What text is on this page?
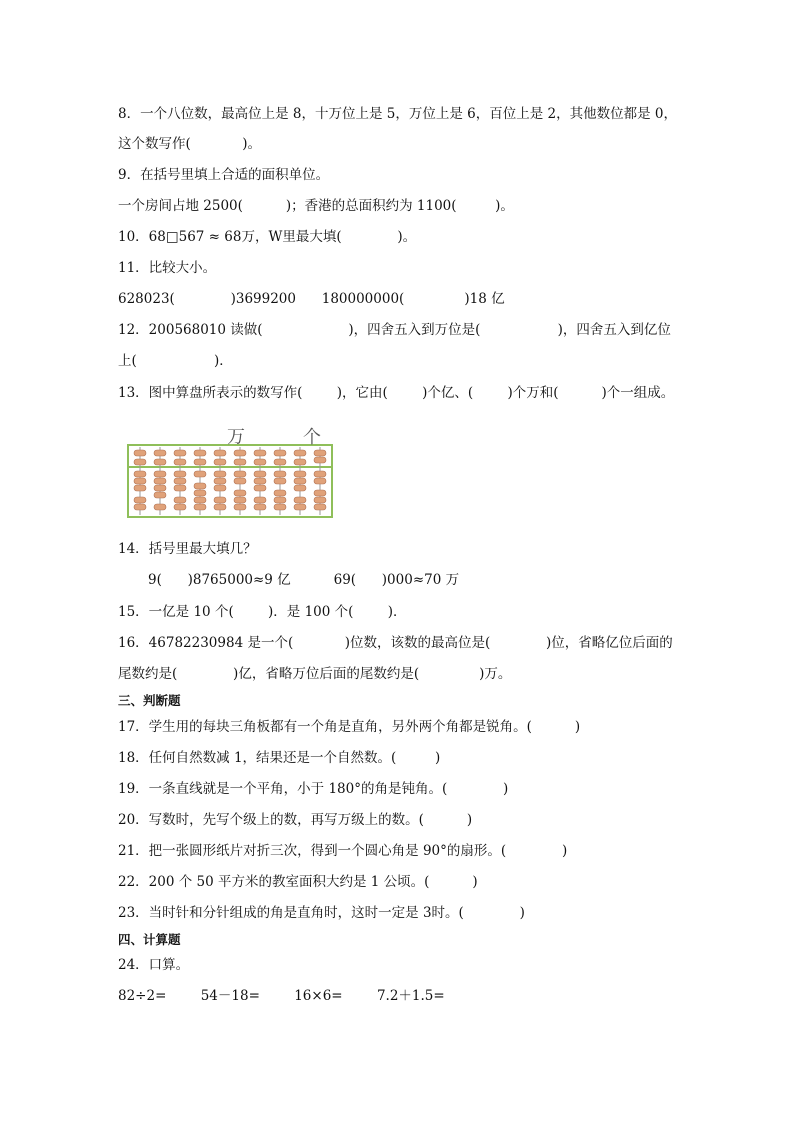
8．一个八位数，最高位上是 8，十万位上是 5，万位上是 6，百位上是 2，其他数位都是 0，
这个数写作(            )。
9．在括号里填上合适的面积单位。
一个房间占地 2500(          )；香港的总面积约为 1100(         )。
10．68□567 ≈ 68万，W里最大填(             )。
11．比较大小。
628023(             )3699200      180000000(              )18 亿
12．200568010 读做(                    )，四舍五入到万位是(                  )，四舍五入到亿位
上(                  )．
13．图中算盘所表示的数写作(        )，它由(        )个亿、(        )个万和(          )个一组成。
万	个
14．括号里最大填几？
9(      )8765000≈9 亿          69(      )000≈70 万
15．一亿是 10 个(        )．是 100 个(        )．
16．46782230984 是一个(            )位数，该数的最高位是(             )位，省略亿位后面的
尾数约是(             )亿，省略万位后面的尾数约是(              )万。
三、判断题
17．学生用的每块三角板都有一个角是直角，另外两个角都是锐角。(          )
18．任何自然数减 1，结果还是一个自然数。(         )
19．一条直线就是一个平角，小于 180°的角是钝角。(             )
20．写数时，先写个级上的数，再写万级上的数。(          )
21．把一张圆形纸片对折三次，得到一个圆心角是 90°的扇形。(             )
22．200 个 50 平方米的教室面积大约是 1 公顷。(          )
23．当时针和分针组成的角是直角时，这时一定是 3时。(             )
四、计算题
24．口算。
82÷2=        54－18=        16×6=        7.2＋1.5=
